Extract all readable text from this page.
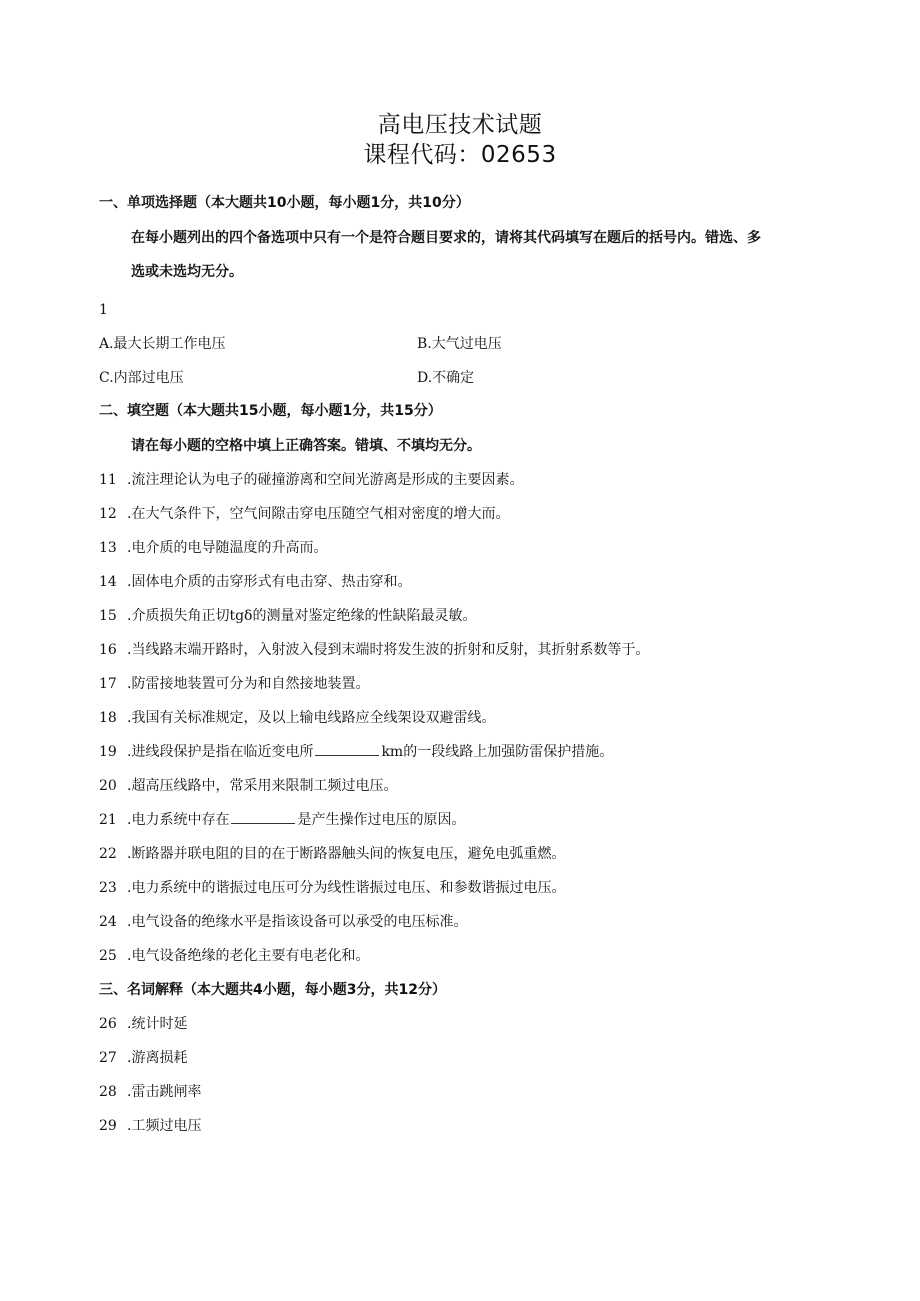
高电压技术试题
课程代码：02653
一、单项选择题（本大题共10小题，每小题1分，共10分）
在每小题列出的四个备选项中只有一个是符合题目要求的，请将其代码填写在题后的括号内。错选、多
选或未选均无分。
1
A.最大长期工作电压	B.大气过电压
C.内部过电压	D.不确定
二、填空题（本大题共15小题，每小题1分，共15分）
请在每小题的空格中填上正确答案。错填、不填均无分。
11 .流注理论认为电子的碰撞游离和空间光游离是形成的主要因素。
12 .在大气条件下，空气间隙击穿电压随空气相对密度的增大而。
13 .电介质的电导随温度的升高而。
14 .固体电介质的击穿形式有电击穿、热击穿和。
15 .介质损失角正切tgδ的测量对鉴定绝缘的性缺陷最灵敏。
16 .当线路末端开路时，入射波入侵到末端时将发生波的折射和反射，其折射系数等于。
17 .防雷接地装置可分为和自然接地装置。
18 .我国有关标准规定，及以上输电线路应全线架设双避雷线。
19 .进线段保护是指在临近变电所	km的一段线路上加强防雷保护措施。
20 .超高压线路中，常采用来限制工频过电压。
21 .电力系统中存在	是产生操作过电压的原因。
22 .断路器并联电阻的目的在于断路器触头间的恢复电压，避免电弧重燃。
23 .电力系统中的谐振过电压可分为线性谐振过电压、和参数谐振过电压。
24 .电气设备的绝缘水平是指该设备可以承受的电压标准。
25 .电气设备绝缘的老化主要有电老化和。
三、名词解释（本大题共4小题，每小题3分，共12分）
26 .统计时延
27 .游离损耗
28 .雷击跳闸率
29 .工频过电压
